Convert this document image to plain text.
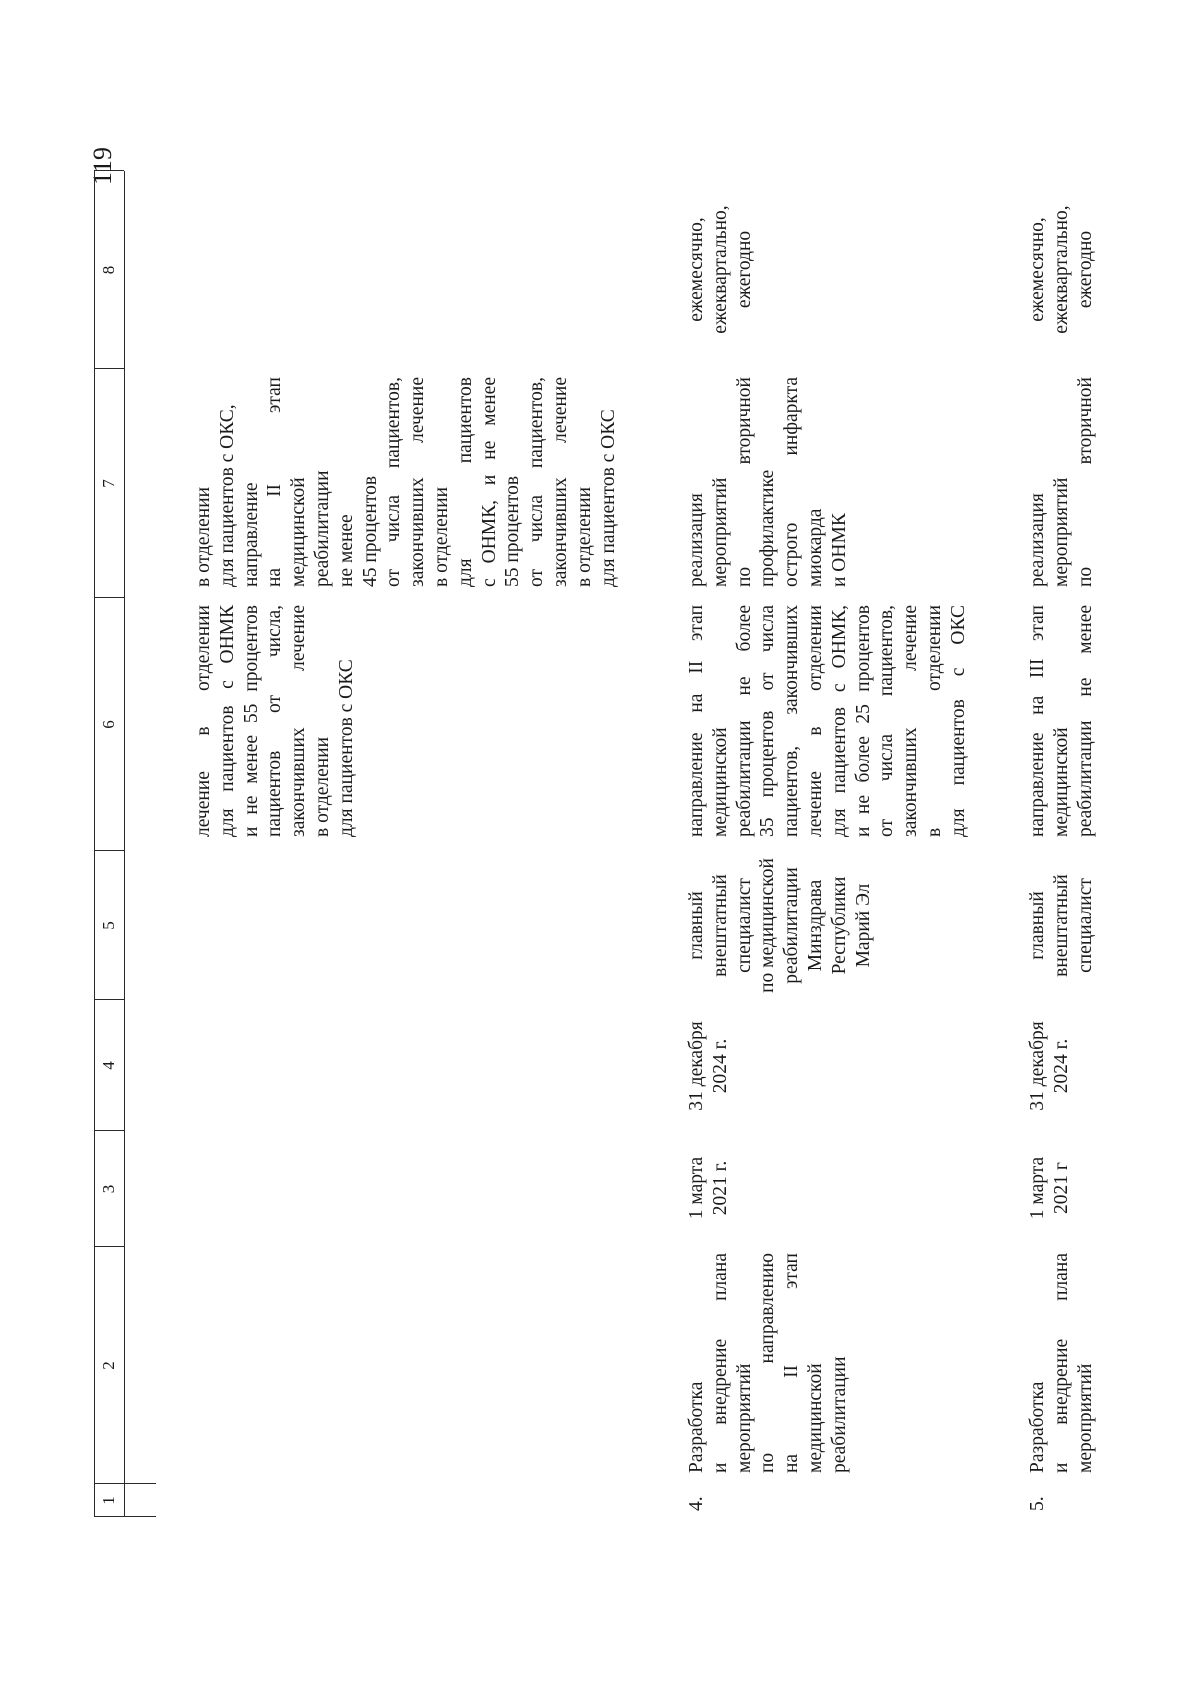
119
1
2
3
4
5
6
7
8
лечение в отделении для пациентов с ОНМК и не менее 55 процентов пациентов от числа, закончивших лечение в отделении для пациентов с ОКС
в отделении для пациентов с ОКС, направление на II этап медицинской реабилитации не менее 45 процентов от числа пациентов, закончивших лечение в отделении для пациентов с ОНМК, и не менее 55 процентов от числа пациентов, закончивших лечение в отделении для пациентов с ОКС
4.
Разработка и внедрение плана мероприятий по направлению на II этап медицинской реабилитации
1 марта 2021 г.
31 декабря 2024 г.
главный внештатный специалист по медицинской реабилитации Минздрава Республики Марий Эл
направление на II этап медицинской реабилитации не более 35 процентов от числа пациентов, закончивших лечение в отделении для пациентов с ОНМК, и не более 25 процентов от числа пациентов, закончивших лечение в отделении для пациентов с ОКС
реализация мероприятий по вторичной профилактике острого инфаркта миокарда и ОНМК
ежемесячно, ежеквартально, ежегодно
5.
Разработка и внедрение плана мероприятий
1 марта 2021 г
31 декабря 2024 г.
главный внештатный специалист
направление на III этап медицинской реабилитации не менее
реализация мероприятий по вторичной
ежемесячно, ежеквартально, ежегодно
